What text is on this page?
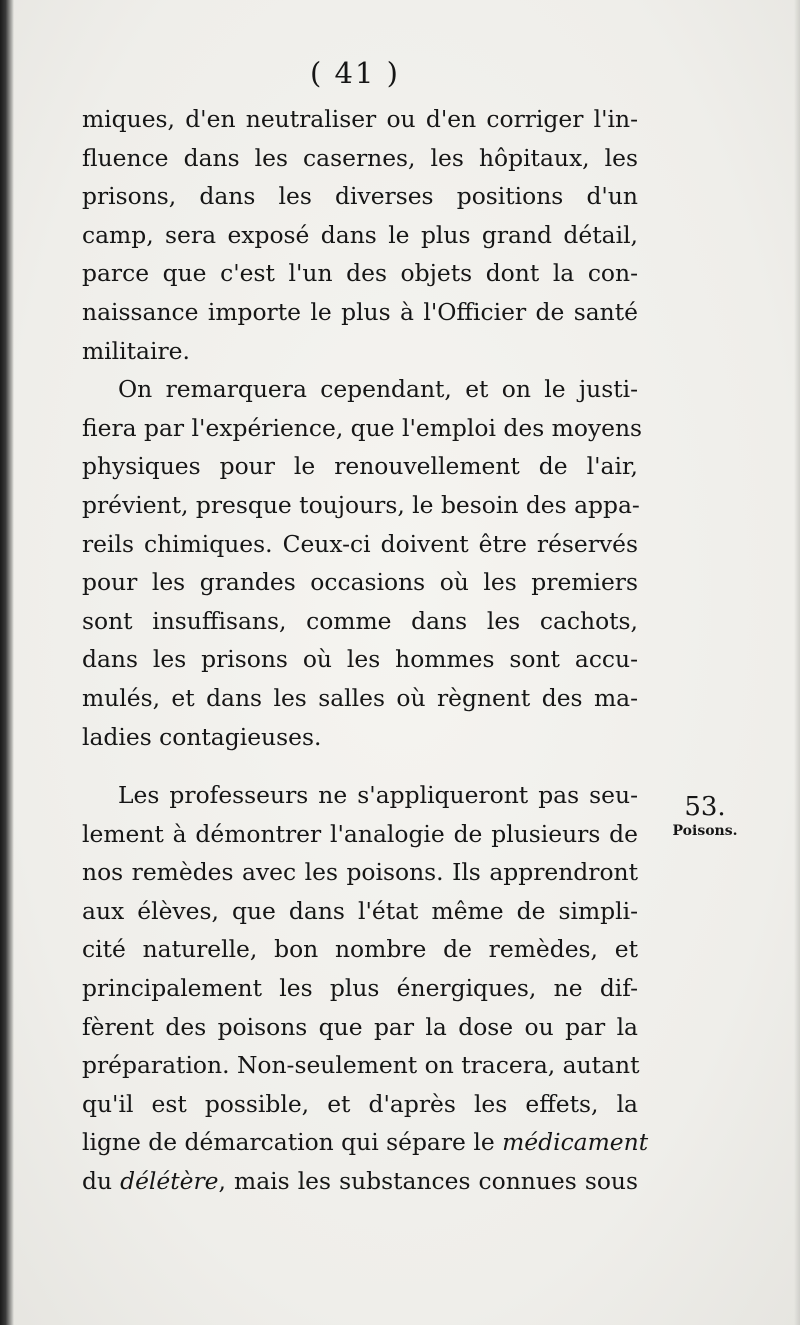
( 41 )
miques, d'en neutraliser ou d'en corriger l'in-
fluence dans les casernes, les hôpitaux, les
prisons, dans les diverses positions d'un
camp, sera exposé dans le plus grand détail,
parce que c'est l'un des objets dont la con-
naissance importe le plus à l'Officier de santé
militaire.
On remarquera cependant, et on le justi-
fiera par l'expérience, que l'emploi des moyens
physiques pour le renouvellement de l'air,
prévient, presque toujours, le besoin des appa-
reils chimiques. Ceux-ci doivent être réservés
pour les grandes occasions où les premiers
sont insuffisans, comme dans les cachots,
dans les prisons où les hommes sont accu-
mulés, et dans les salles où règnent des ma-
ladies contagieuses.
Les professeurs ne s'appliqueront pas seu-
lement à démontrer l'analogie de plusieurs de
nos remèdes avec les poisons. Ils apprendront
aux élèves, que dans l'état même de simpli-
cité naturelle, bon nombre de remèdes, et
principalement les plus énergiques, ne dif-
fèrent des poisons que par la dose ou par la
préparation. Non-seulement on tracera, autant
qu'il est possible, et d'après les effets, la
ligne de démarcation qui sépare le médicament
du délétère, mais les substances connues sous
53.
Poisons.
